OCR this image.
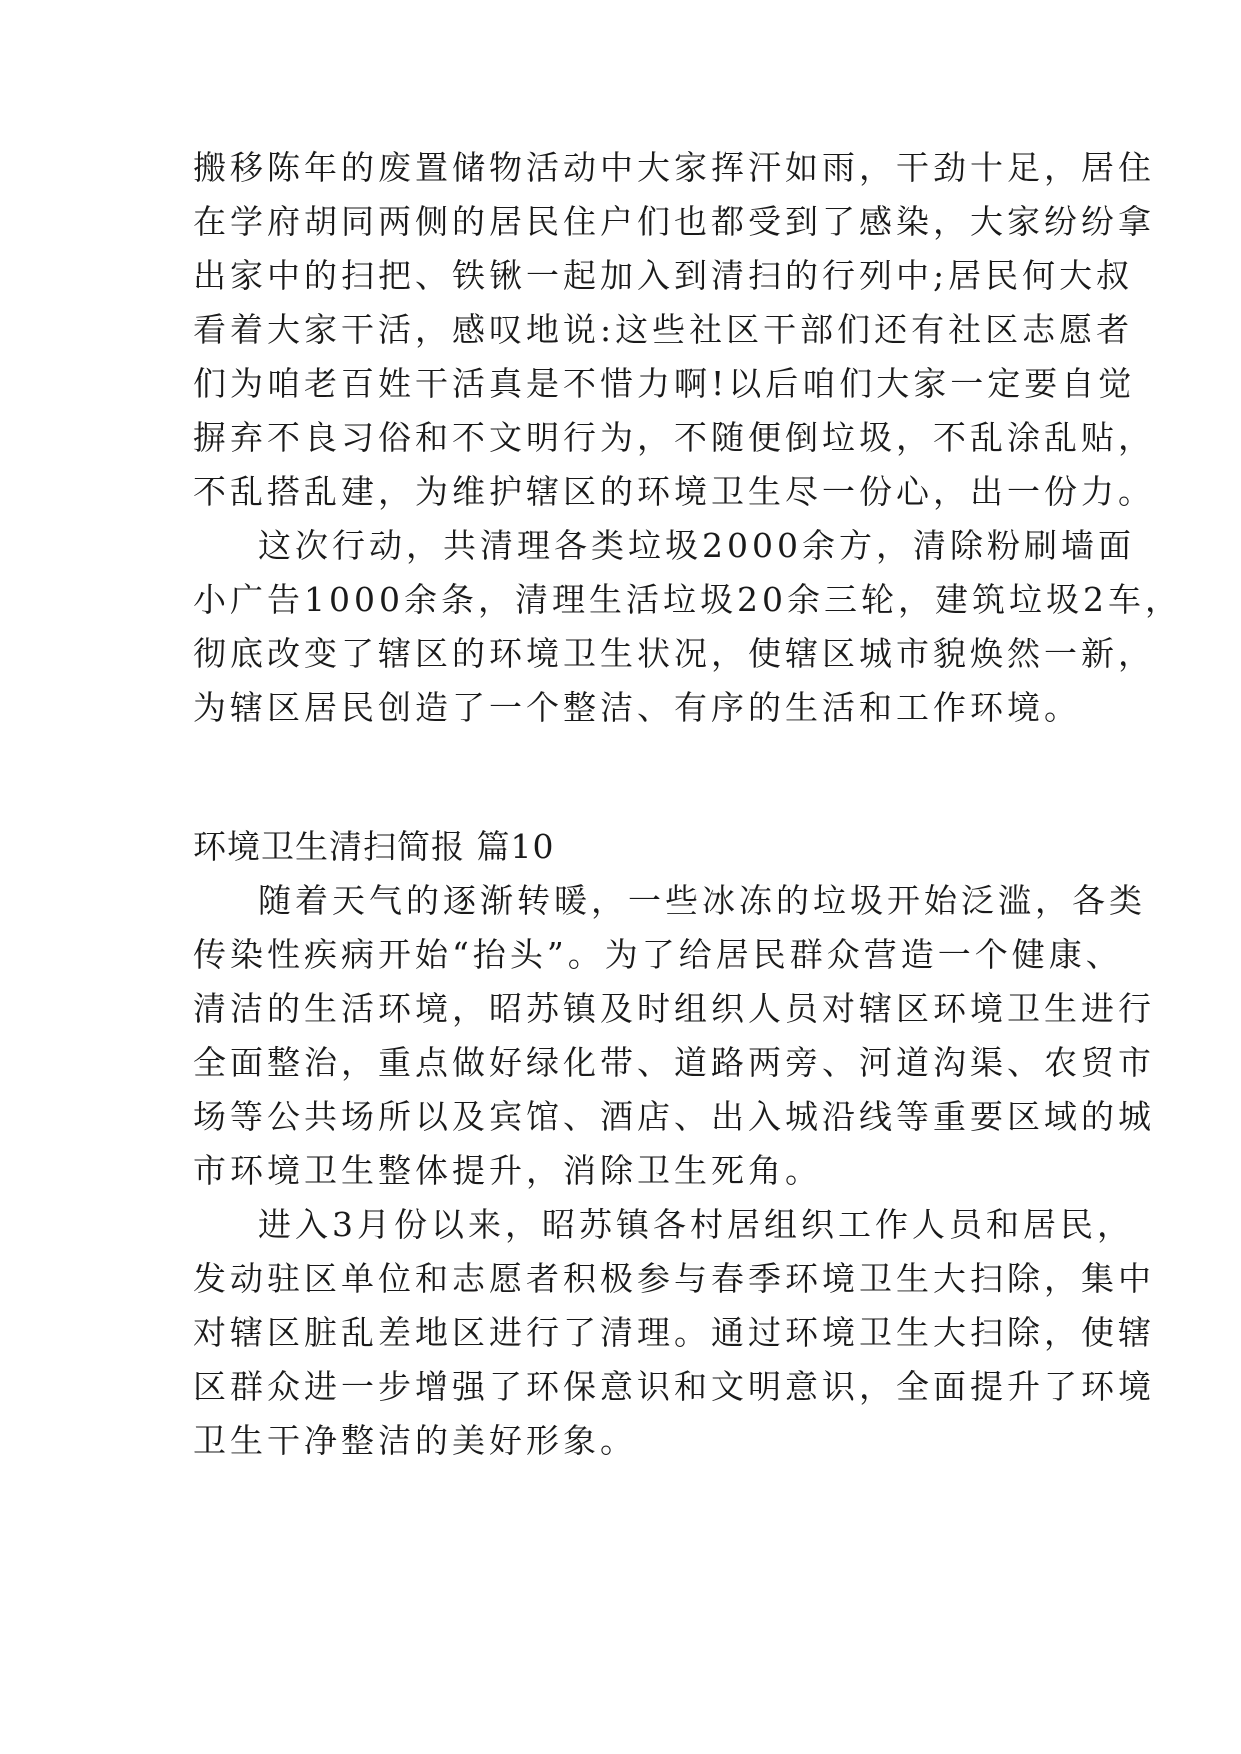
搬移陈年的废置储物活动中大家挥汗如雨，干劲十足，居住
在学府胡同两侧的居民住户们也都受到了感染，大家纷纷拿
出家中的扫把、铁锹一起加入到清扫的行列中;居民何大叔
看着大家干活，感叹地说:这些社区干部们还有社区志愿者
们为咱老百姓干活真是不惜力啊!以后咱们大家一定要自觉
摒弃不良习俗和不文明行为，不随便倒垃圾，不乱涂乱贴，
不乱搭乱建，为维护辖区的环境卫生尽一份心，出一份力。
这次行动，共清理各类垃圾2000余方，清除粉刷墙面
小广告1000余条，清理生活垃圾20余三轮，建筑垃圾2车，
彻底改变了辖区的环境卫生状况，使辖区城市貌焕然一新，
为辖区居民创造了一个整洁、有序的生活和工作环境。
环境卫生清扫简报 篇10
随着天气的逐渐转暖，一些冰冻的垃圾开始泛滥，各类
传染性疾病开始“抬头”。为了给居民群众营造一个健康、
清洁的生活环境，昭苏镇及时组织人员对辖区环境卫生进行
全面整治，重点做好绿化带、道路两旁、河道沟渠、农贸市
场等公共场所以及宾馆、酒店、出入城沿线等重要区域的城
市环境卫生整体提升，消除卫生死角。
进入3月份以来，昭苏镇各村居组织工作人员和居民，
发动驻区单位和志愿者积极参与春季环境卫生大扫除，集中
对辖区脏乱差地区进行了清理。通过环境卫生大扫除，使辖
区群众进一步增强了环保意识和文明意识，全面提升了环境
卫生干净整洁的美好形象。
